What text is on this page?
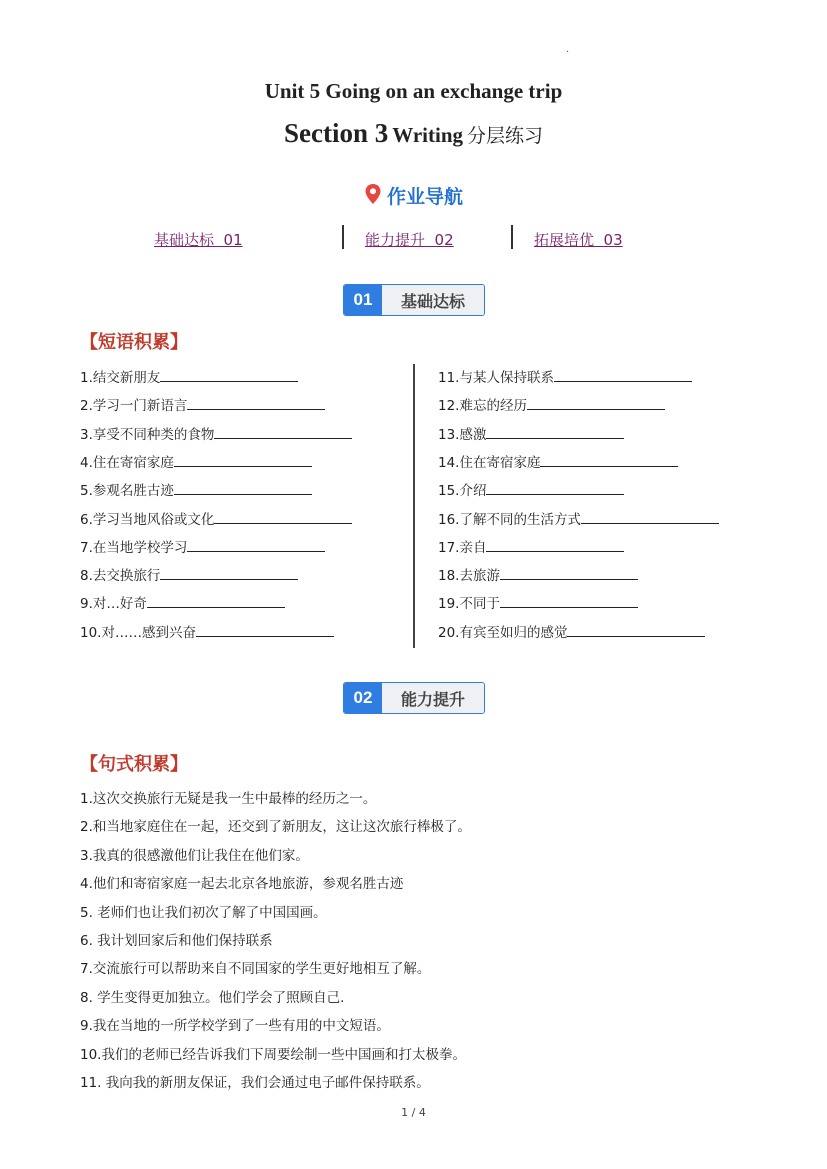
.
Unit 5 Going on an exchange trip
Section 3 Writing 分层练习
作业导航
基础达标  01	能力提升  02	拓展培优  03
01	基础达标
【短语积累】
1.结交新朋友
2.学习一门新语言
3.享受不同种类的食物
4.住在寄宿家庭
5.参观名胜古迹
6.学习当地风俗或文化
7.在当地学校学习
8.去交换旅行
9.对…好奇
10.对……感到兴奋
11.与某人保持联系
12.难忘的经历
13.感激
14.住在寄宿家庭
15.介绍
16.了解不同的生活方式
17.亲自
18.去旅游
19.不同于
20.有宾至如归的感觉
02	能力提升
【句式积累】
1.这次交换旅行无疑是我一生中最棒的经历之一。
2.和当地家庭住在一起，还交到了新朋友，这让这次旅行棒极了。
3.我真的很感激他们让我住在他们家。
4.他们和寄宿家庭一起去北京各地旅游，参观名胜古迹
5. 老师们也让我们初次了解了中国国画。
6. 我计划回家后和他们保持联系
7.交流旅行可以帮助来自不同国家的学生更好地相互了解。
8. 学生变得更加独立。他们学会了照顾自己.
9.我在当地的一所学校学到了一些有用的中文短语。
10.我们的老师已经告诉我们下周要绘制一些中国画和打太极拳。
11. 我向我的新朋友保证，我们会通过电子邮件保持联系。
1 / 4
